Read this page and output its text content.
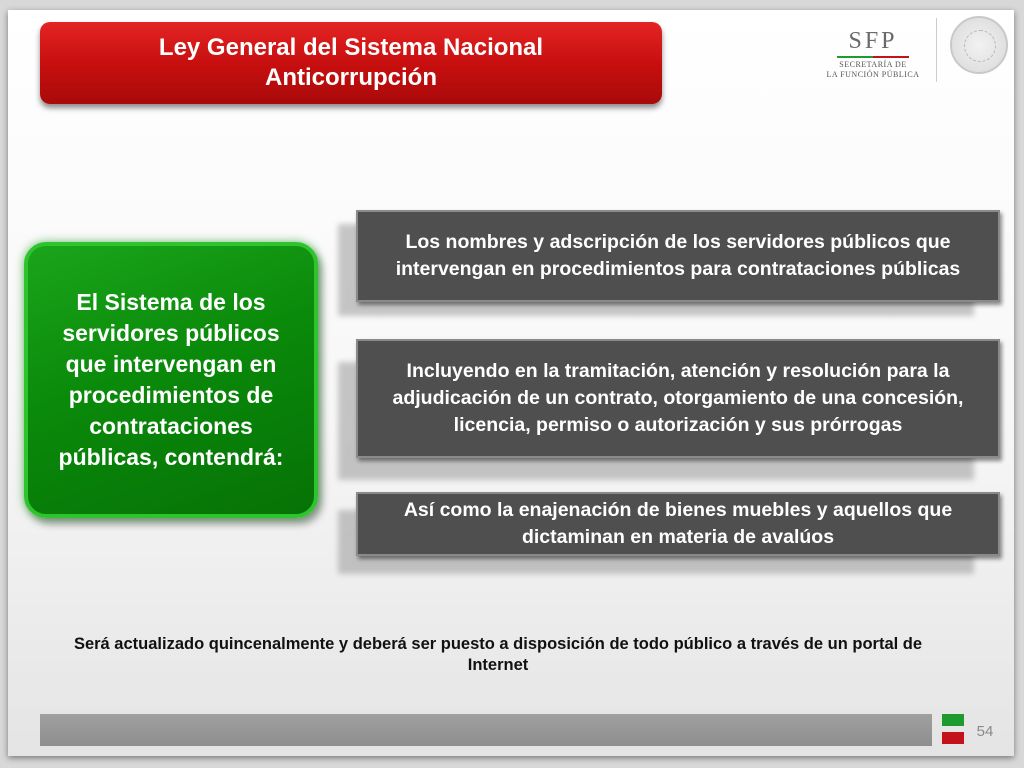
Ley General del Sistema Nacional
Anticorrupción
SFP
SECRETARÍA DE
LA FUNCIÓN PÚBLICA
El Sistema de los servidores públicos que intervengan en procedimientos de contrataciones públicas, contendrá:
Los nombres y adscripción de los servidores públicos que intervengan en procedimientos para contrataciones públicas
Incluyendo en la tramitación, atención y resolución para la adjudicación de un contrato, otorgamiento de una concesión, licencia, permiso o autorización y sus prórrogas
Así como la enajenación de bienes muebles y aquellos que dictaminan en materia de avalúos
Será actualizado quincenalmente y deberá ser puesto a disposición de todo público a través de un portal de Internet
54
